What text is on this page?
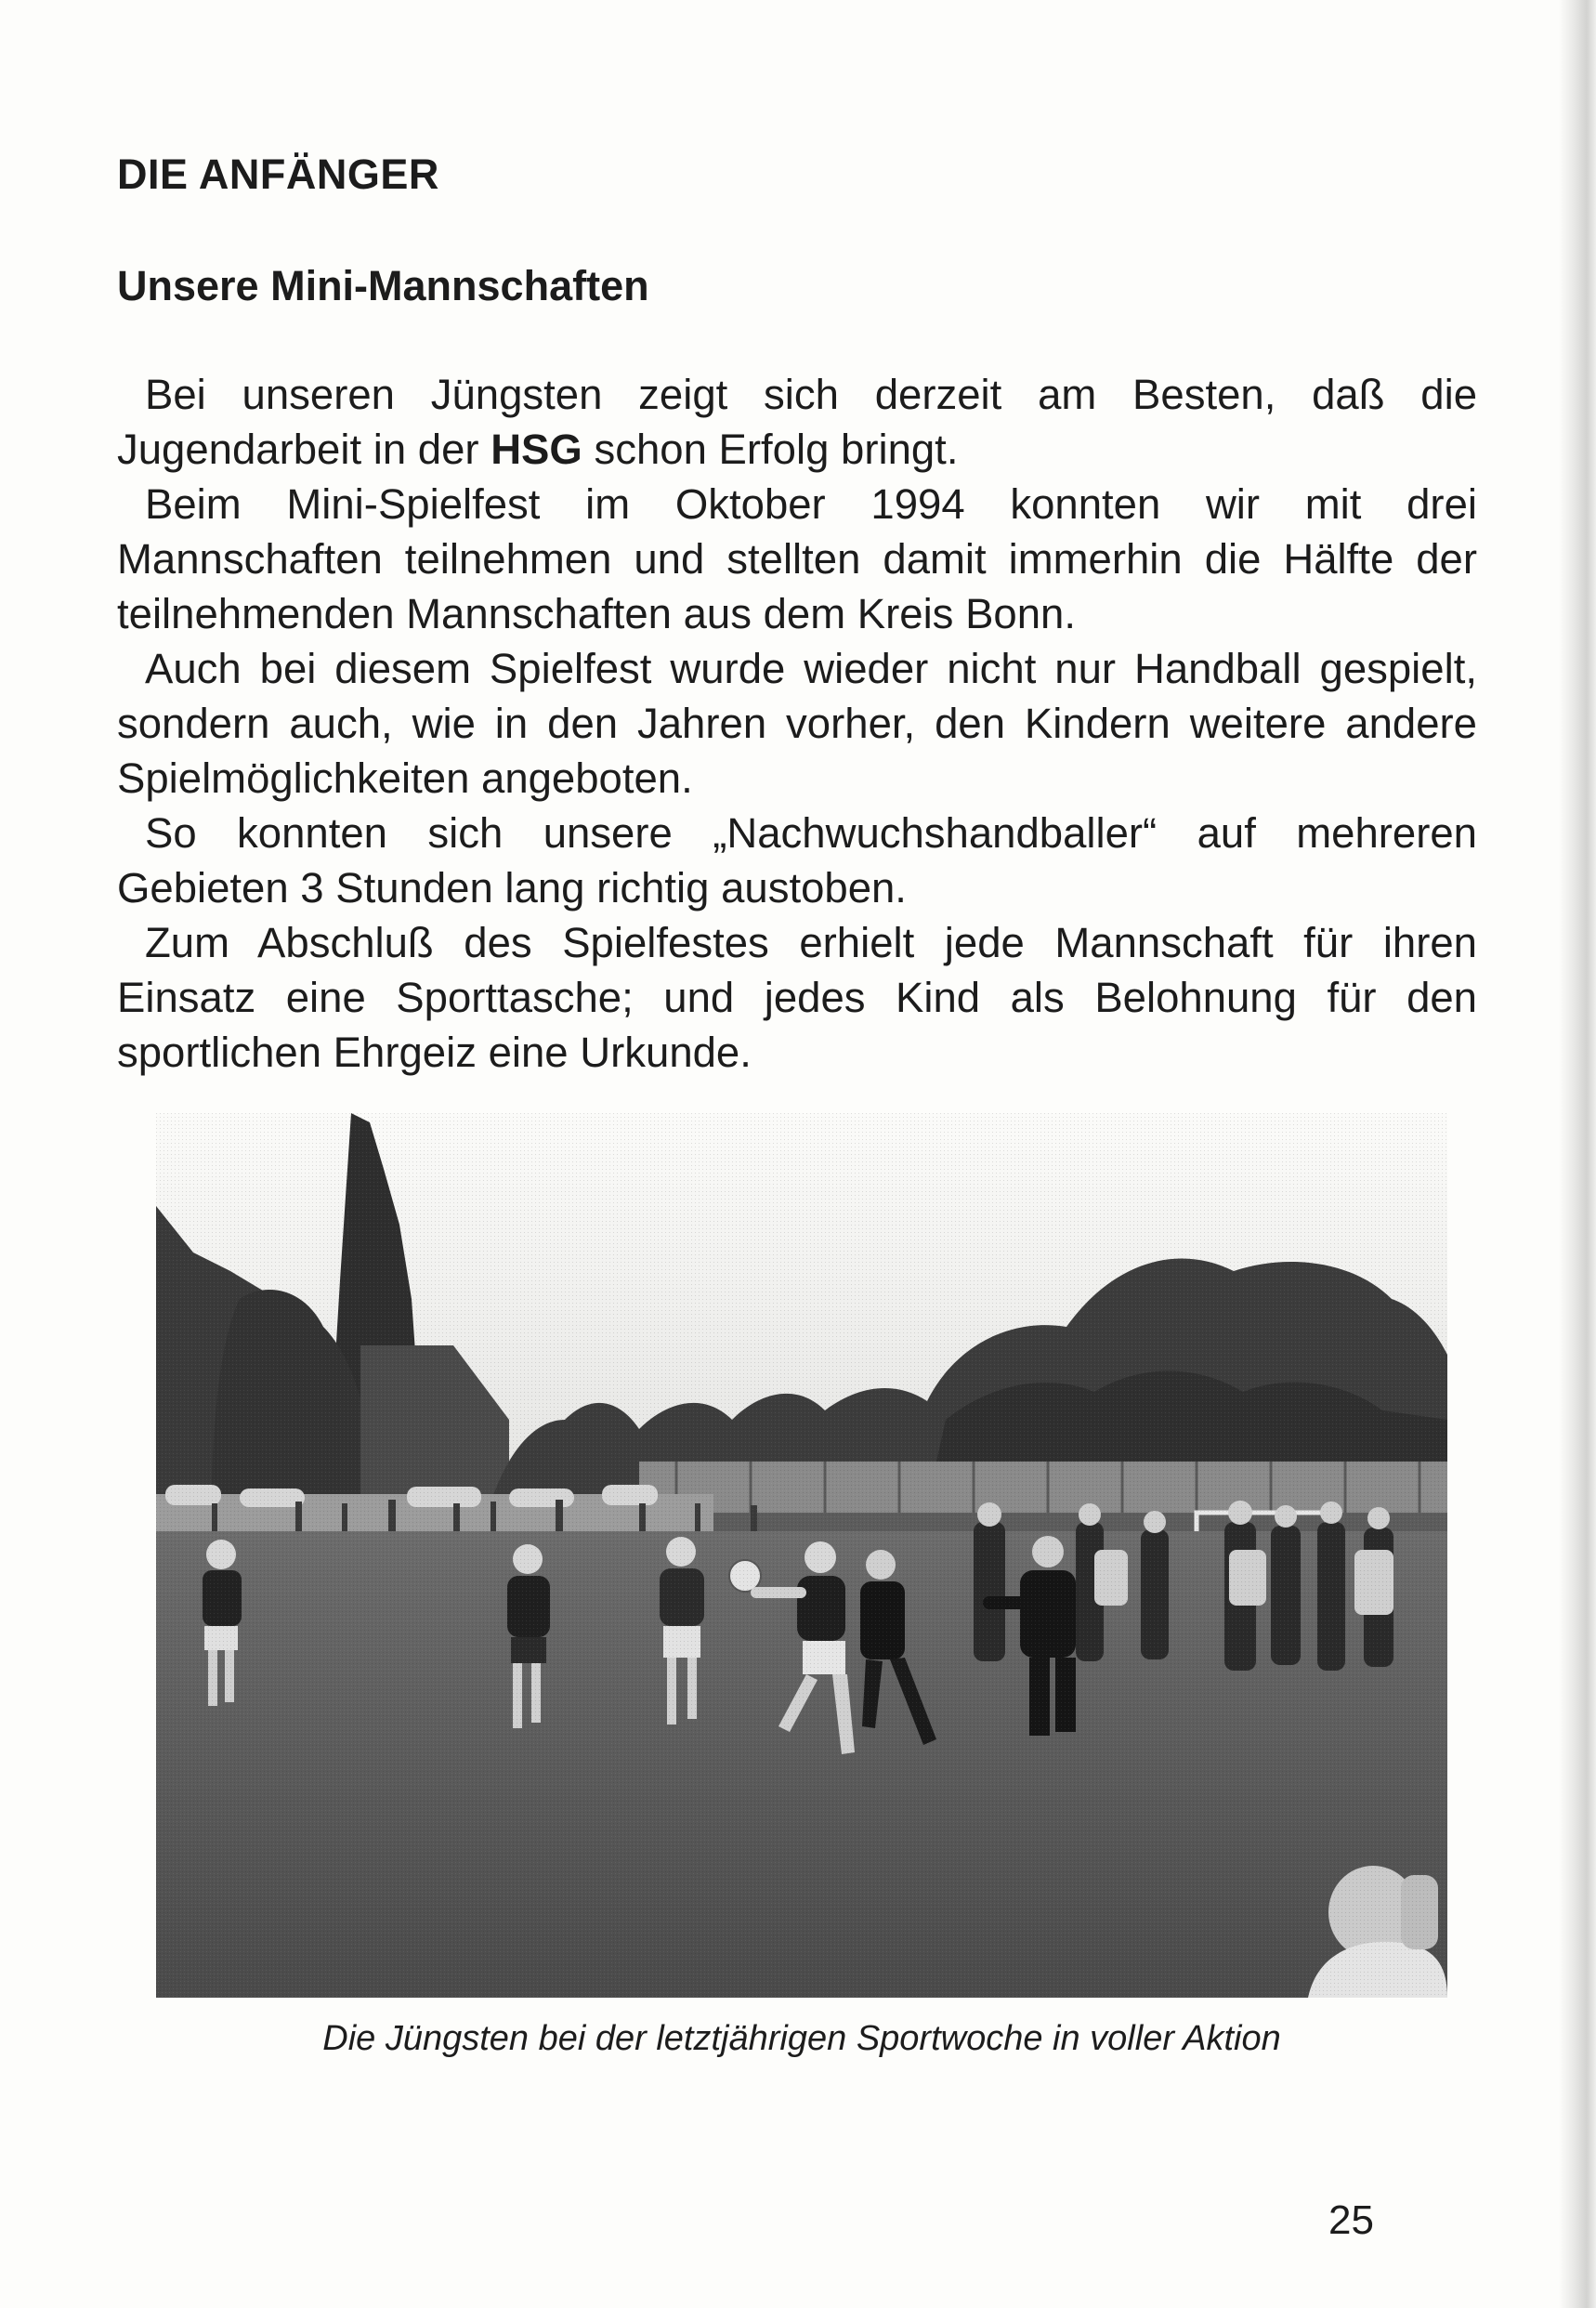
DIE ANFÄNGER
Unsere Mini-Mannschaften

Bei unseren Jüngsten zeigt sich derzeit am Besten, daß die Jugendarbeit in der HSG schon Erfolg bringt.

Beim Mini-Spielfest im Oktober 1994 konnten wir mit drei Mannschaften teilnehmen und stellten damit immerhin die Hälfte der teilnehmenden Mannschaften aus dem Kreis Bonn.

Auch bei diesem Spielfest wurde wieder nicht nur Handball gespielt, sondern auch, wie in den Jahren vorher, den Kindern weitere andere Spielmöglichkeiten angeboten.

So konnten sich unsere „Nachwuchshandballer“ auf mehreren Gebieten 3 Stunden lang richtig austoben.

Zum Abschluß des Spielfestes erhielt jede Mannschaft für ihren Einsatz eine Sporttasche; und jedes Kind als Belohnung für den sportlichen Ehrgeiz eine Urkunde.

Die Jüngsten bei der letztjährigen Sportwoche in voller Aktion

25
